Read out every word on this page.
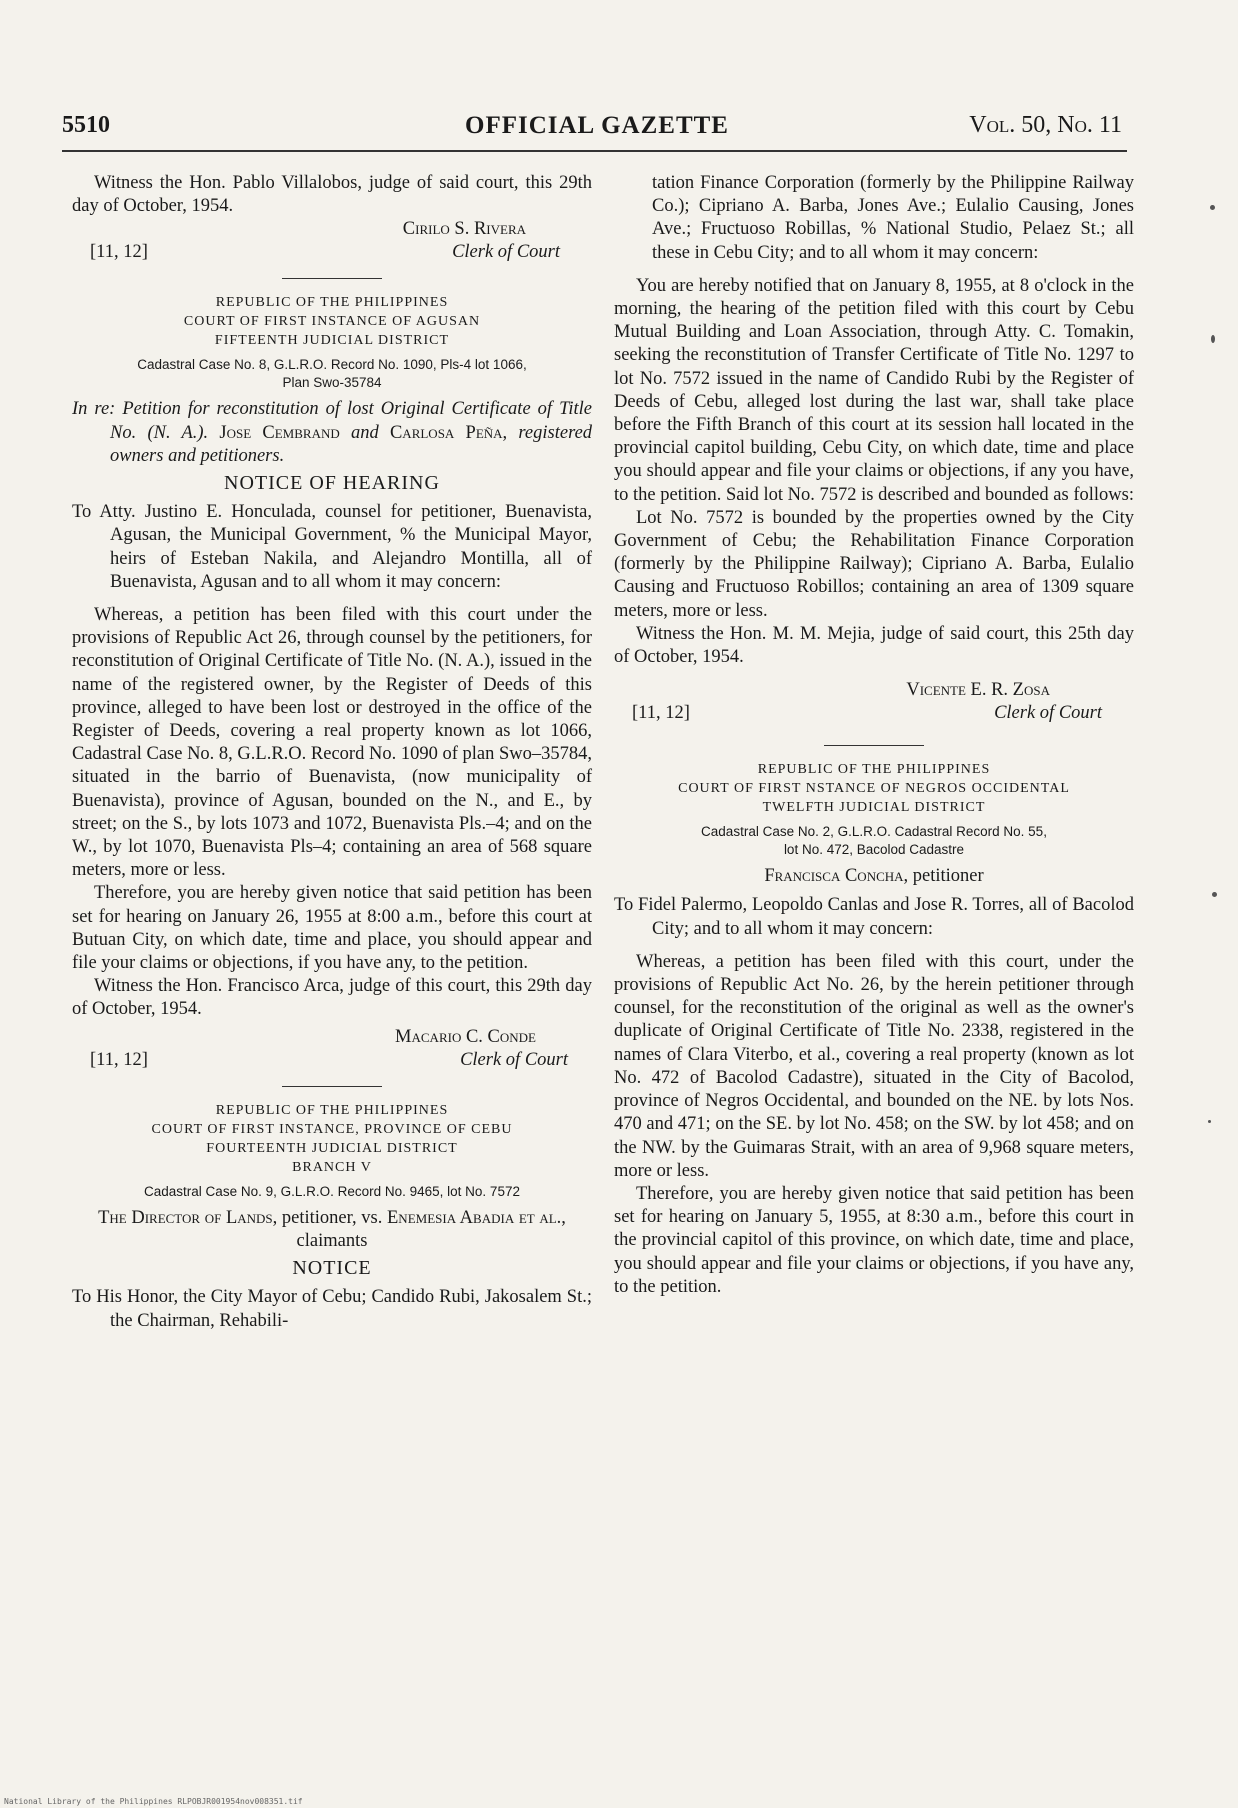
5510	OFFICIAL GAZETTE	Vol. 50, No. 11

Witness the Hon. Pablo Villalobos, judge of said court, this 29th day of October, 1954.

Cirilo S. Rivera
[11, 12]	Clerk of Court
REPUBLIC OF THE PHILIPPINES
COURT OF FIRST INSTANCE OF AGUSAN
FIFTEENTH JUDICIAL DISTRICT
Cadastral Case No. 8, G.L.R.O. Record No. 1090, Pls-4 lot 1066,
Plan Swo-35784

In re: Petition for reconstitution of lost Original Certificate of Title No. (N. A.). Jose Cembrand and Carlosa Peña, registered owners and petitioners.

NOTICE OF HEARING

To Atty. Justino E. Honculada, counsel for petitioner, Buenavista, Agusan, the Municipal Government, % the Municipal Mayor, heirs of Esteban Nakila, and Alejandro Montilla, all of Buenavista, Agusan and to all whom it may concern:

Whereas, a petition has been filed with this court under the provisions of Republic Act 26, through counsel by the petitioners, for reconstitution of Original Certificate of Title No. (N. A.), issued in the name of the registered owner, by the Register of Deeds of this province, alleged to have been lost or destroyed in the office of the Register of Deeds, covering a real property known as lot 1066, Cadastral Case No. 8, G.L.R.O. Record No. 1090 of plan Swo–35784, situated in the barrio of Buenavista, (now municipality of Buenavista), province of Agusan, bounded on the N., and E., by street; on the S., by lots 1073 and 1072, Buenavista Pls.–4; and on the W., by lot 1070, Buenavista Pls–4; containing an area of 568 square meters, more or less.

Therefore, you are hereby given notice that said petition has been set for hearing on January 26, 1955 at 8:00 a.m., before this court at Butuan City, on which date, time and place, you should appear and file your claims or objections, if you have any, to the petition.

Witness the Hon. Francisco Arca, judge of this court, this 29th day of October, 1954.

Macario C. Conde
[11, 12]	Clerk of Court
REPUBLIC OF THE PHILIPPINES
COURT OF FIRST INSTANCE, PROVINCE OF CEBU
FOURTEENTH JUDICIAL DISTRICT
BRANCH V
Cadastral Case No. 9, G.L.R.O. Record No. 9465, lot No. 7572

The Director of Lands, petitioner, vs. Enemesia Abadia et al., claimants

NOTICE

To His Honor, the City Mayor of Cebu; Candido Rubi, Jakosalem St.; the Chairman, Rehabili-

tation Finance Corporation (formerly by the Philippine Railway Co.); Cipriano A. Barba, Jones Ave.; Eulalio Causing, Jones Ave.; Fructuoso Robillas, % National Studio, Pelaez St.; all these in Cebu City; and to all whom it may concern:

You are hereby notified that on January 8, 1955, at 8 o'clock in the morning, the hearing of the petition filed with this court by Cebu Mutual Building and Loan Association, through Atty. C. Tomakin, seeking the reconstitution of Transfer Certificate of Title No. 1297 to lot No. 7572 issued in the name of Candido Rubi by the Register of Deeds of Cebu, alleged lost during the last war, shall take place before the Fifth Branch of this court at its session hall located in the provincial capitol building, Cebu City, on which date, time and place you should appear and file your claims or objections, if any you have, to the petition. Said lot No. 7572 is described and bounded as follows:

Lot No. 7572 is bounded by the properties owned by the City Government of Cebu; the Rehabilitation Finance Corporation (formerly by the Philippine Railway); Cipriano A. Barba, Eulalio Causing and Fructuoso Robillos; containing an area of 1309 square meters, more or less.

Witness the Hon. M. M. Mejia, judge of said court, this 25th day of October, 1954.

Vicente E. R. Zosa
[11, 12]	Clerk of Court
REPUBLIC OF THE PHILIPPINES
COURT OF FIRST NSTANCE OF NEGROS OCCIDENTAL
TWELFTH JUDICIAL DISTRICT
Cadastral Case No. 2, G.L.R.O. Cadastral Record No. 55,
lot No. 472, Bacolod Cadastre

Francisca Concha, petitioner

To Fidel Palermo, Leopoldo Canlas and Jose R. Torres, all of Bacolod City; and to all whom it may concern:

Whereas, a petition has been filed with this court, under the provisions of Republic Act No. 26, by the herein petitioner through counsel, for the reconstitution of the original as well as the owner's duplicate of Original Certificate of Title No. 2338, registered in the names of Clara Viterbo, et al., covering a real property (known as lot No. 472 of Bacolod Cadastre), situated in the City of Bacolod, province of Negros Occidental, and bounded on the NE. by lots Nos. 470 and 471; on the SE. by lot No. 458; on the SW. by lot 458; and on the NW. by the Guimaras Strait, with an area of 9,968 square meters, more or less.

Therefore, you are hereby given notice that said petition has been set for hearing on January 5, 1955, at 8:30 a.m., before this court in the provincial capitol of this province, on which date, time and place, you should appear and file your claims or objections, if you have any, to the petition.

National Library of the Philippines RLPOBJR001954nov008351.tif
